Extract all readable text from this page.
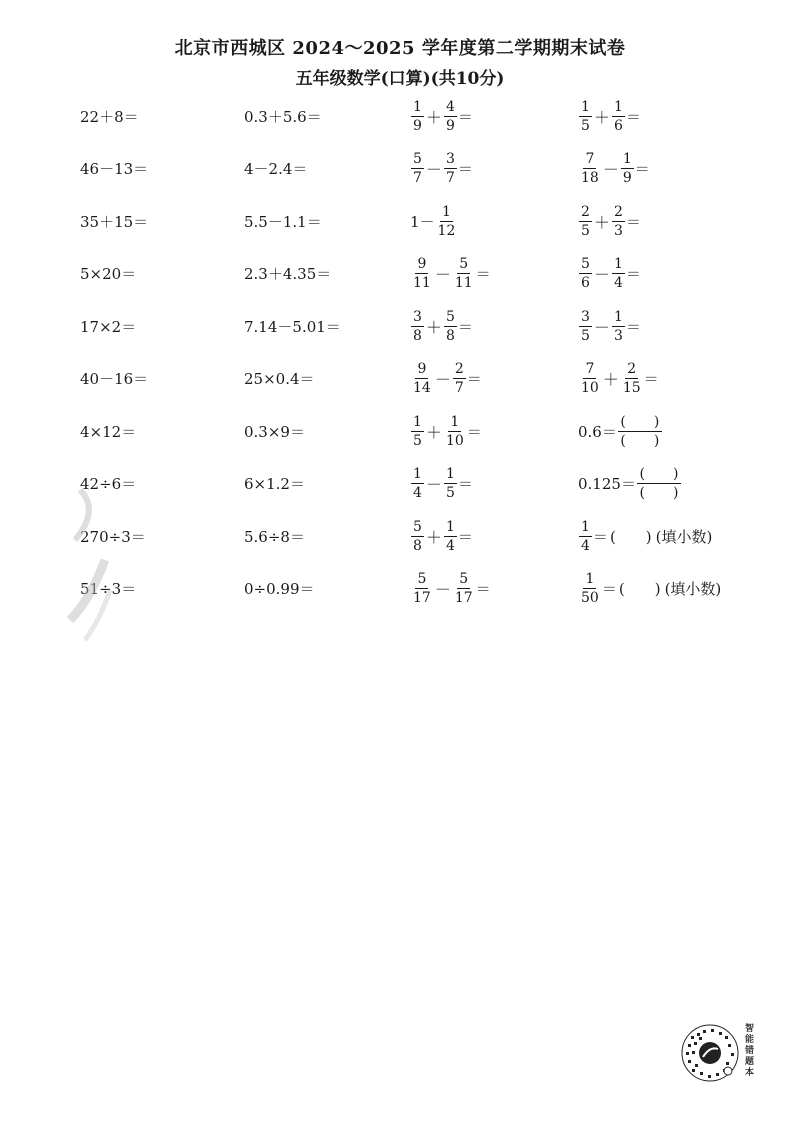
北京市西城区 2024～2025 学年度第二学期期末试卷
五年级数学(口算)(共10分)
22＋8＝
46－13＝
35＋15＝
5×20＝
17×2＝
40－16＝
4×12＝
42÷6＝
270÷3＝
51÷3＝
0.3＋5.6＝
4－2.4＝
5.5－1.1＝
2.3＋4.35＝
7.14－5.01＝
25×0.4＝
0.3×9＝
6×1.2＝
5.6÷8＝
0÷0.99＝
$\frac{1}{9} + \frac{4}{9}$ ＝
$\frac{5}{7} - \frac{3}{7}$ ＝
$1- \frac{1}{12}$
$\frac{9}{11} - \frac{5}{11}$ ＝
$\frac{3}{8} + \frac{5}{8}$ ＝
$\frac{9}{14} - \frac{2}{7}$ ＝
$\frac{1}{5} + \frac{1}{10}$ ＝
$\frac{1}{4} - \frac{1}{5}$ ＝
$\frac{5}{8} + \frac{1}{4}$ ＝
$\frac{5}{17} - \frac{5}{17}$ ＝
$\frac{1}{5} + \frac{1}{6}$ ＝
$\frac{7}{18} - \frac{1}{9}$ ＝
$\frac{2}{5} + \frac{2}{3}$ ＝
$\frac{5}{6} - \frac{1}{4}$ ＝
$\frac{3}{5} - \frac{1}{3}$ ＝
$\frac{7}{10} + \frac{2}{15}$ ＝
$0.6= \frac{( )}{( )}$
$0.125= \frac{( )}{( )}$
$\frac{1}{4}$ ＝ (　　) (填小数)
$\frac{1}{50}$ ＝ (　　) (填小数)
智能错题本
